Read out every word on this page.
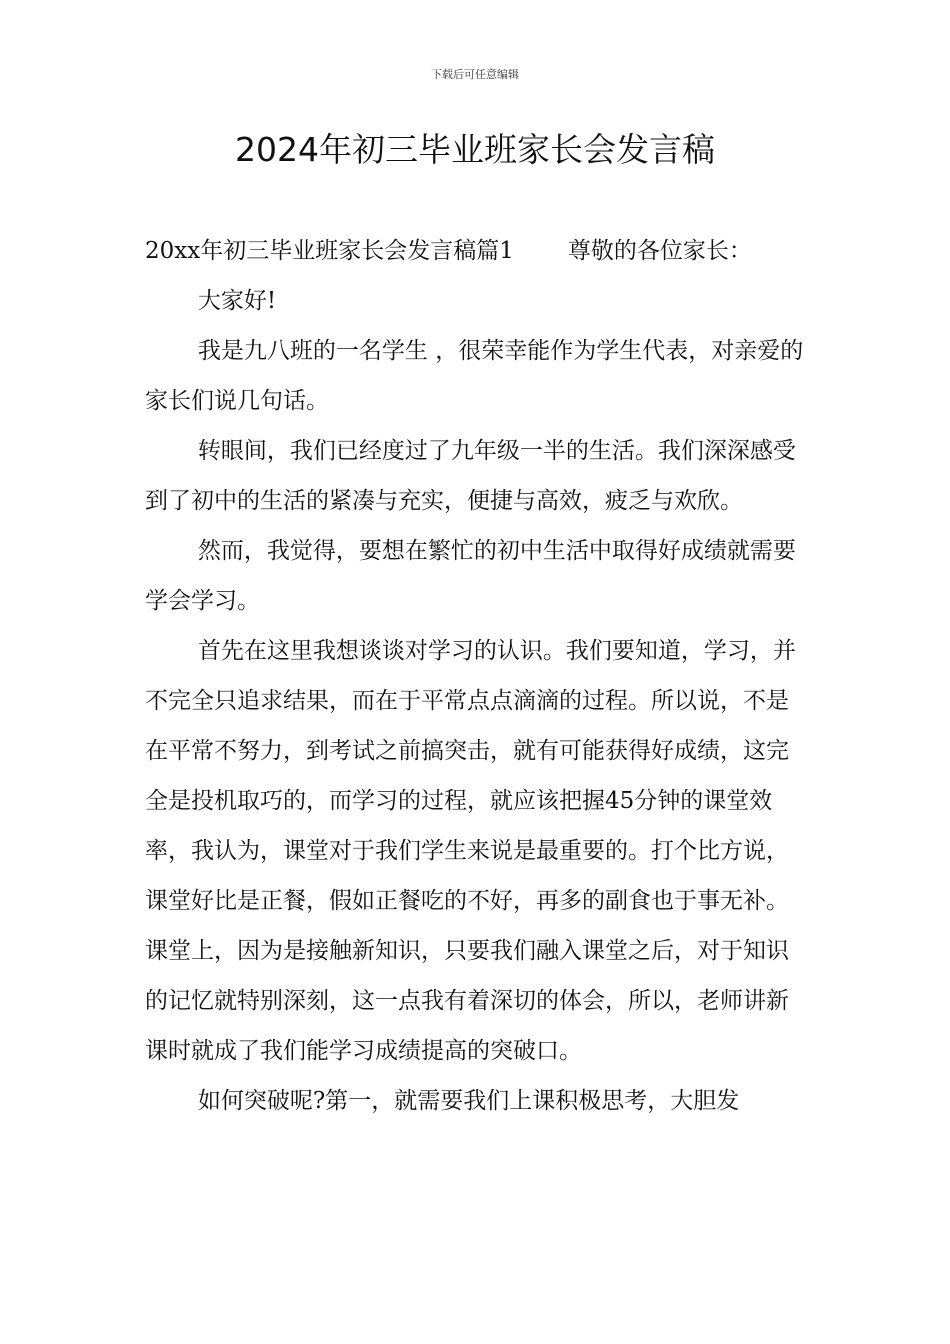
下载后可任意编辑
2024年初三毕业班家长会发言稿

20xx年初三毕业班家长会发言稿篇1 尊敬的各位家长：

大家好!

我是九八班的一名学生 ，很荣幸能作为学生代表，对亲爱的家长们说几句话。

转眼间，我们已经度过了九年级一半的生活。我们深深感受到了初中的生活的紧凑与充实，便捷与高效，疲乏与欢欣。

然而，我觉得，要想在繁忙的初中生活中取得好成绩就需要学会学习。

首先在这里我想谈谈对学习的认识。我们要知道，学习，并不完全只追求结果，而在于平常点点滴滴的过程。所以说，不是在平常不努力，到考试之前搞突击，就有可能获得好成绩，这完全是投机取巧的，而学习的过程，就应该把握45分钟的课堂效率，我认为，课堂对于我们学生来说是最重要的。打个比方说，课堂好比是正餐，假如正餐吃的不好，再多的副食也于事无补。课堂上，因为是接触新知识，只要我们融入课堂之后，对于知识的记忆就特别深刻，这一点我有着深切的体会，所以，老师讲新课时就成了我们能学习成绩提高的突破口。

如何突破呢?第一，就需要我们上课积极思考，大胆发
